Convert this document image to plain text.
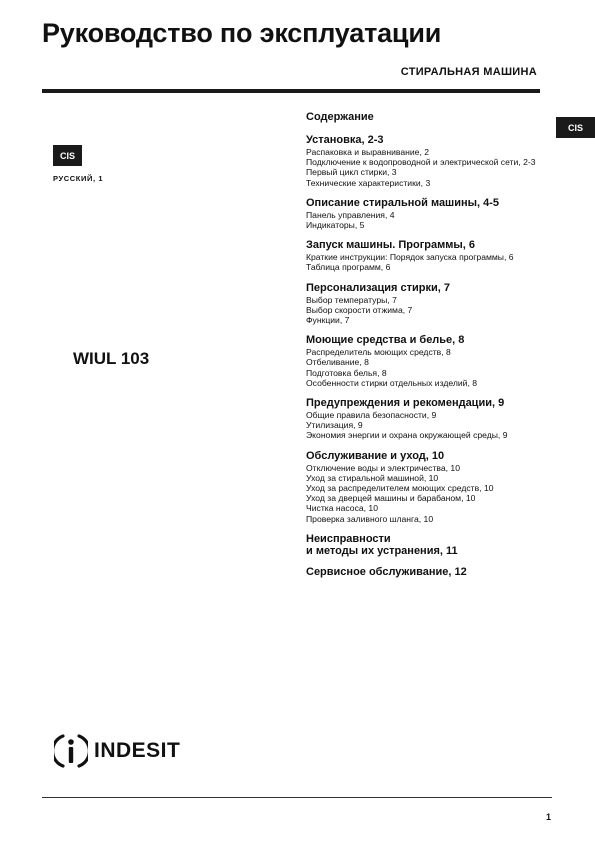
Руководство по эксплуатации
СТИРАЛЬНАЯ МАШИНА
CIS
РУССКИЙ, 1
CIS
WIUL 103
Содержание
Установка, 2-3
Распаковка и выравнивание, 2
Подключение к водопроводной и электрической сети, 2-3
Первый цикл стирки, 3
Технические характеристики, 3
Описание стиральной машины, 4-5
Панель управления, 4
Индикаторы, 5
Запуск машины. Программы, 6
Краткие инструкции: Порядок запуска программы, 6
Таблица программ, 6
Персонализация стирки, 7
Выбор температуры, 7
Выбор скорости отжима, 7
Функции, 7
Моющие средства и белье, 8
Распределитель моющих средств, 8
Отбеливание, 8
Подготовка белья, 8
Особенности стирки отдельных изделий, 8
Предупреждения и рекомендации, 9
Общие правила безопасности, 9
Утилизация, 9
Экономия энергии и охрана окружающей среды, 9
Обслуживание и уход, 10
Отключение воды и электричества, 10
Уход за стиральной машиной, 10
Уход за распределителем моющих средств, 10
Уход за дверцей машины и барабаном, 10
Чистка насоса, 10
Проверка заливного шланга, 10
Неисправности
и методы их устранения, 11
Сервисное обслуживание, 12
INDESIT
1
